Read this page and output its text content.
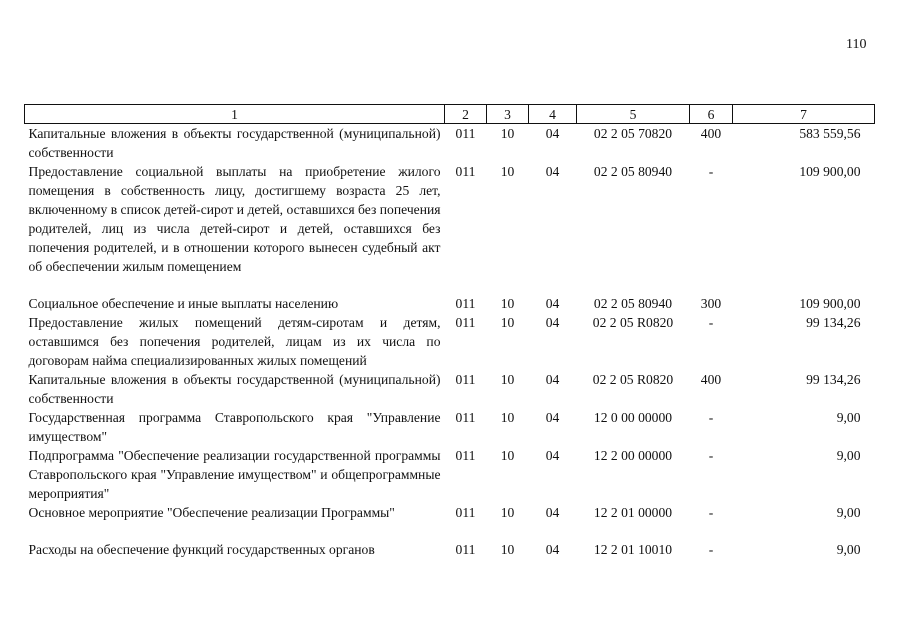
110
1	2	3	4	5	6	7
Капитальные вложения в объекты государственной (муниципальной) собственности	011	10	04	02 2 05 70820	400	583 559,56
Предоставление социальной выплаты на приобретение жилого помещения в собственность лицу, достигшему возраста 25 лет, включенному в список детей-сирот и детей, оставшихся без попечения родителей, лиц из числа детей-сирот и детей, оставшихся без попечения родителей, и в отношении которого вынесен судебный акт об обеспечении жилым помещением	011	10	04	02 2 05 80940	-	109 900,00
Социальное обеспечение и иные выплаты населению	011	10	04	02 2 05 80940	300	109 900,00
Предоставление жилых помещений детям-сиротам и детям, оставшимся без попечения родителей, лицам из их числа по договорам найма специализированных жилых помещений	011	10	04	02 2 05 R0820	-	99 134,26
Капитальные вложения в объекты государственной (муниципальной) собственности	011	10	04	02 2 05 R0820	400	99 134,26
Государственная программа Ставропольского края "Управление имуществом"	011	10	04	12 0 00 00000	-	9,00
Подпрограмма "Обеспечение реализации государственной программы Ставропольского края "Управление имуществом" и общепрограммные мероприятия"	011	10	04	12 2 00 00000	-	9,00
Основное мероприятие "Обеспечение реализации Программы"	011	10	04	12 2 01 00000	-	9,00
Расходы на обеспечение функций государственных органов	011	10	04	12 2 01 10010	-	9,00
